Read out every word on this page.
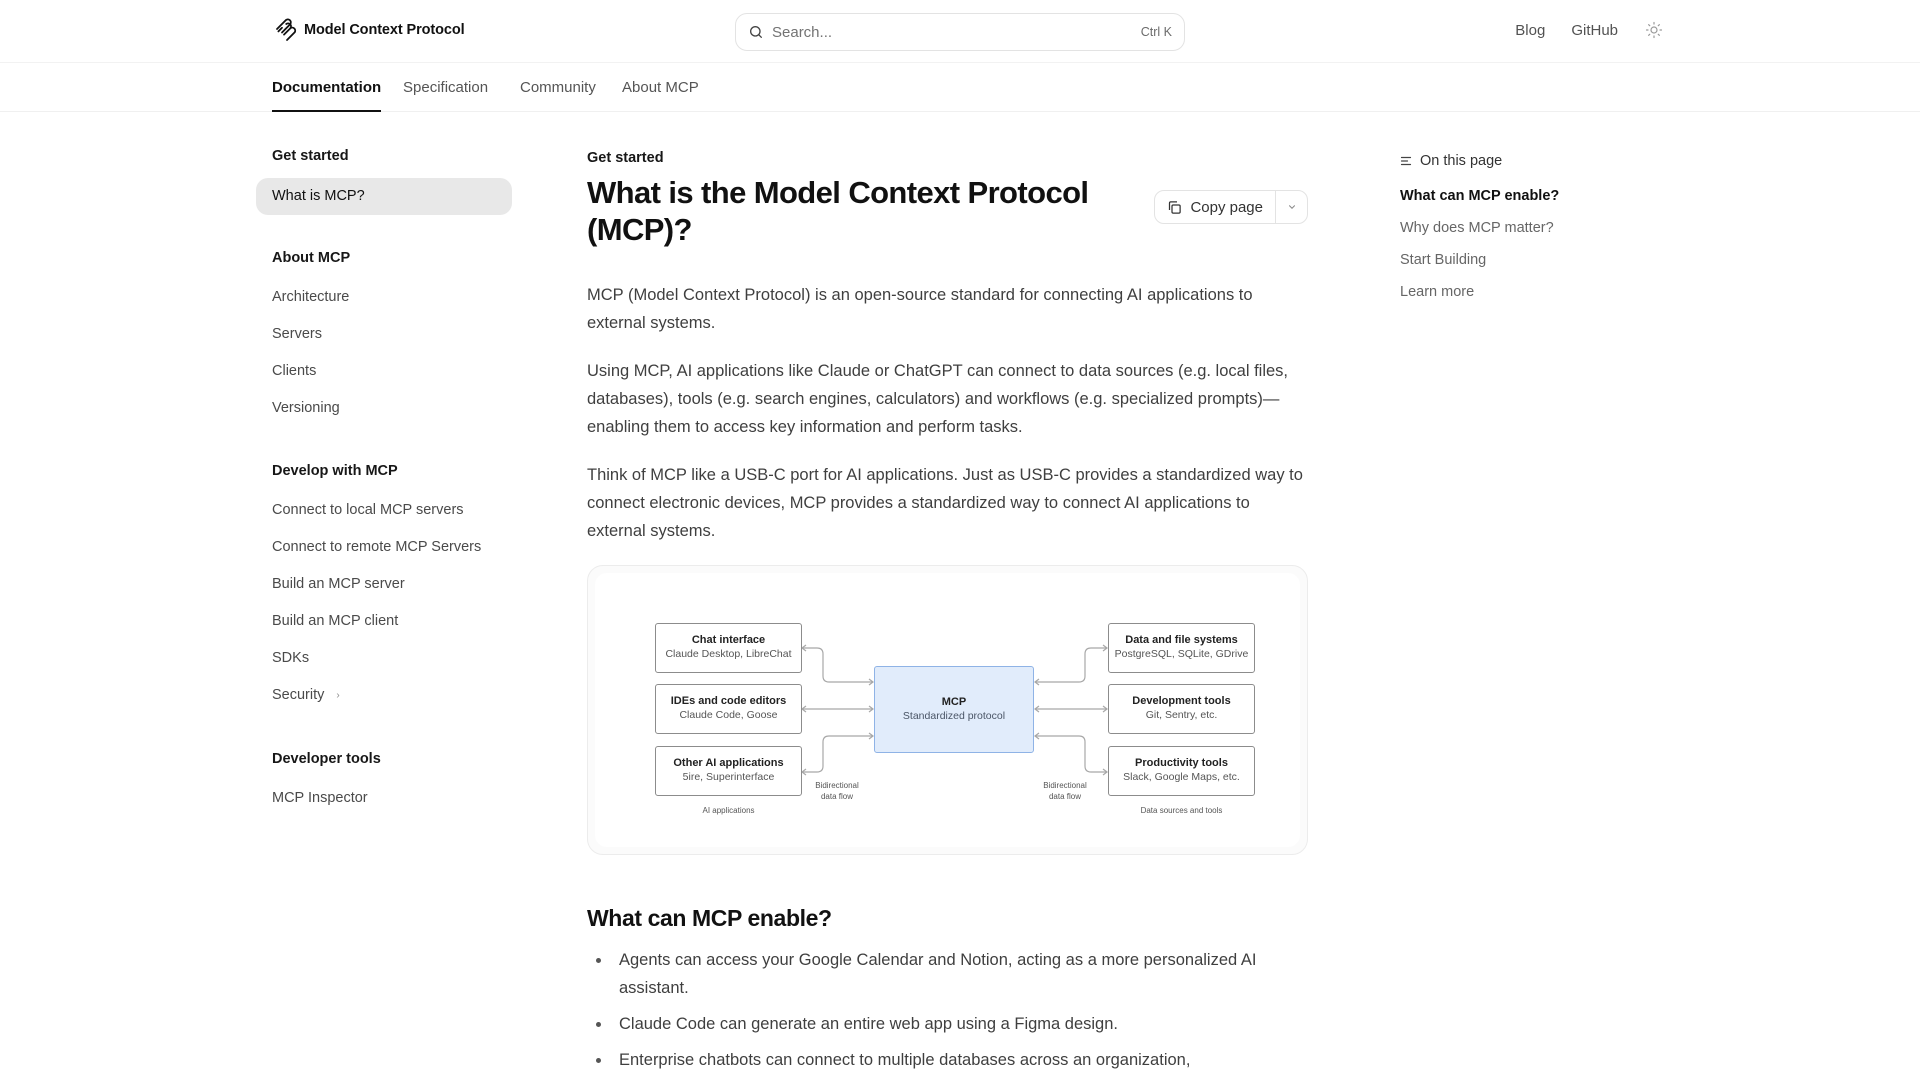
Model Context Protocol	Search...	Ctrl K	Blog GitHub
Documentation Specification Community About MCP
Get started
What is MCP?
About MCP
Architecture
Servers
Clients
Versioning
Develop with MCP
Connect to local MCP servers
Connect to remote MCP Servers
Build an MCP server
Build an MCP client
SDKs
Security ›
Developer tools
MCP Inspector
Get started
What is the Model Context Protocol (MCP)?
Copy page

MCP (Model Context Protocol) is an open-source standard for connecting AI applications to external systems.

Using MCP, AI applications like Claude or ChatGPT can connect to data sources (e.g. local files, databases), tools (e.g. search engines, calculators) and workflows (e.g. specialized prompts)—enabling them to access key information and perform tasks.

Think of MCP like a USB-C port for AI applications. Just as USB-C provides a standardized way to connect electronic devices, MCP provides a standardized way to connect AI applications to external systems.

Chat interface
Claude Desktop, LibreChat
IDEs and code editors
Claude Code, Goose
Other AI applications
5ire, Superinterface
MCP
Standardized protocol
Data and file systems
PostgreSQL, SQLite, GDrive
Development tools
Git, Sentry, etc.
Productivity tools
Slack, Google Maps, etc.
Bidirectional
data flow
Bidirectional
data flow
AI applications	Data sources and tools
What can MCP enable?
Agents can access your Google Calendar and Notion, acting as a more personalized AI assistant.
Claude Code can generate an entire web app using a Figma design.
Enterprise chatbots can connect to multiple databases across an organization,
On this page
What can MCP enable?
Why does MCP matter?
Start Building
Learn more
